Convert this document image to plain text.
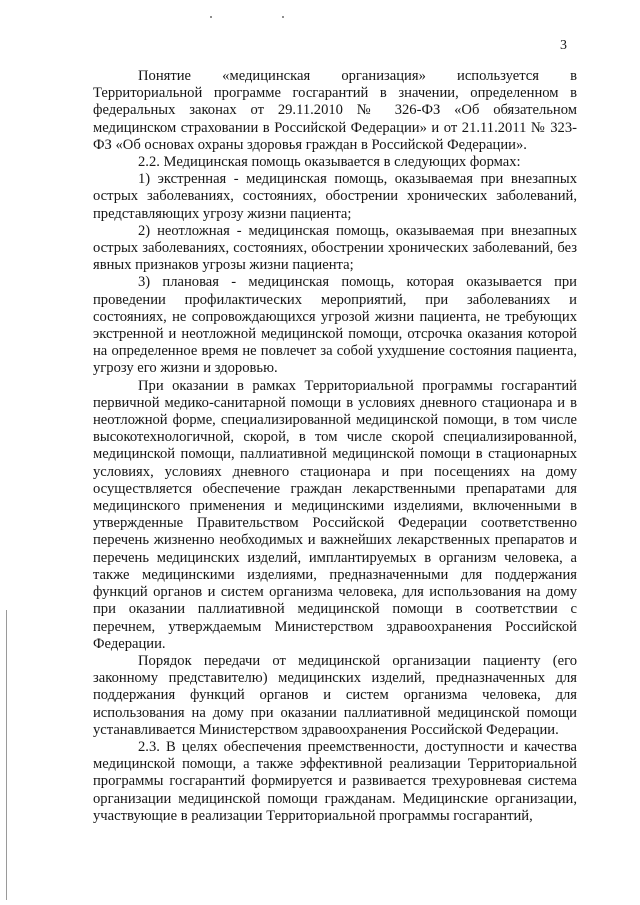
3

Понятие «медицинская организация» используется в Территориальной программе госгарантий в значении, определенном в федеральных законах от 29.11.2010 № 326-ФЗ «Об обязательном медицинском страховании в Российской Федерации» и от 21.11.2011 № 323-ФЗ «Об основах охраны здоровья граждан в Российской Федерации».

2.2. Медицинская помощь оказывается в следующих формах:

1) экстренная - медицинская помощь, оказываемая при внезапных острых заболеваниях, состояниях, обострении хронических заболеваний, представляющих угрозу жизни пациента;

2) неотложная - медицинская помощь, оказываемая при внезапных острых заболеваниях, состояниях, обострении хронических заболеваний, без явных признаков угрозы жизни пациента;

3) плановая - медицинская помощь, которая оказывается при проведении профилактических мероприятий, при заболеваниях и состояниях, не сопровождающихся угрозой жизни пациента, не требующих экстренной и неотложной медицинской помощи, отсрочка оказания которой на определенное время не повлечет за собой ухудшение состояния пациента, угрозу его жизни и здоровью.

При оказании в рамках Территориальной программы госгарантий первичной медико-санитарной помощи в условиях дневного стационара и в неотложной форме, специализированной медицинской помощи, в том числе высокотехнологичной, скорой, в том числе скорой специализированной, медицинской помощи, паллиативной медицинской помощи в стационарных условиях, условиях дневного стационара и при посещениях на дому осуществляется обеспечение граждан лекарственными препаратами для медицинского применения и медицинскими изделиями, включенными в утвержденные Правительством Российской Федерации соответственно перечень жизненно необходимых и важнейших лекарственных препаратов и перечень медицинских изделий, имплантируемых в организм человека, а также медицинскими изделиями, предназначенными для поддержания функций органов и систем организма человека, для использования на дому при оказании паллиативной медицинской помощи в соответствии с перечнем, утверждаемым Министерством здравоохранения Российской Федерации.

Порядок передачи от медицинской организации пациенту (его законному представителю) медицинских изделий, предназначенных для поддержания функций органов и систем организма человека, для использования на дому при оказании паллиативной медицинской помощи устанавливается Министерством здравоохранения Российской Федерации.

2.3. В целях обеспечения преемственности, доступности и качества медицинской помощи, а также эффективной реализации Территориальной программы госгарантий формируется и развивается трехуровневая система организации медицинской помощи гражданам. Медицинские организации, участвующие в реализации Территориальной программы госгарантий,
